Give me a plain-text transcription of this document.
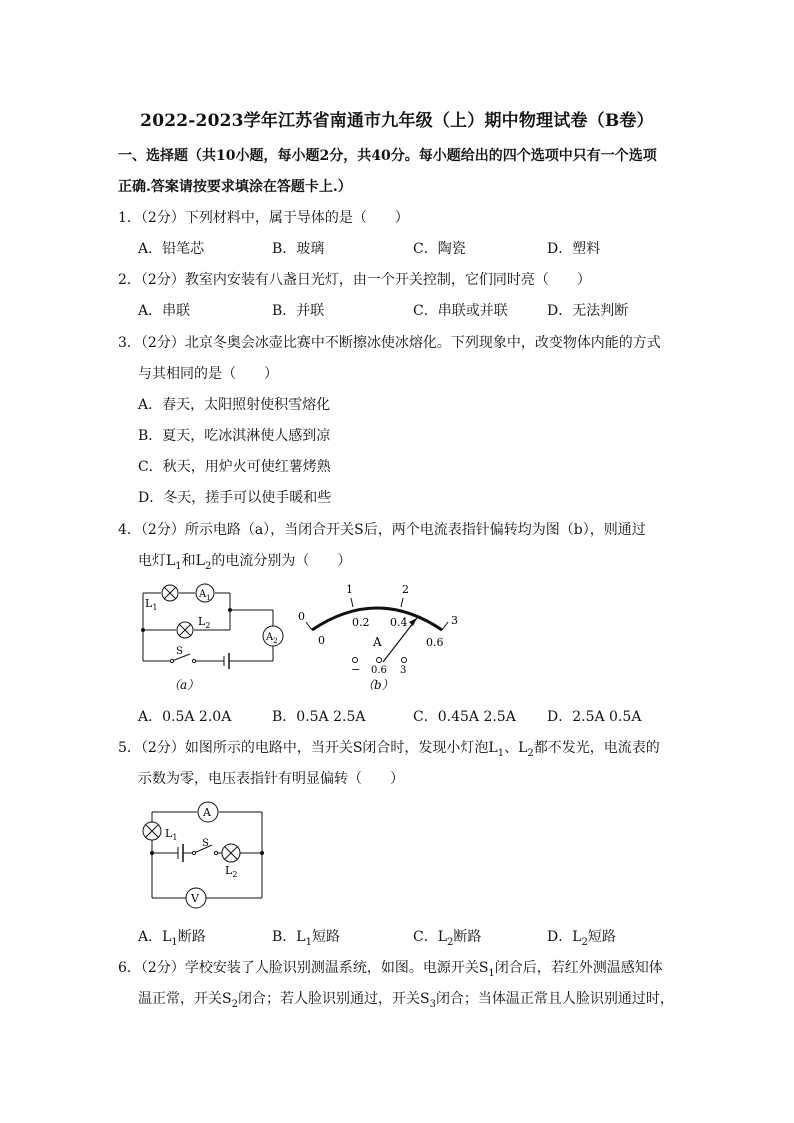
2022-2023学年江苏省南通市九年级（上）期中物理试卷（B卷）
一、选择题（共10小题，每小题2分，共40分。每小题给出的四个选项中只有一个选项
正确.答案请按要求填涂在答题卡上.）
1．（2分）下列材料中，属于导体的是（　　）
A．铅笔芯	B．玻璃	C．陶瓷	D．塑料
2．（2分）教室内安装有八盏日光灯，由一个开关控制，它们同时亮（　　）
A．串联	B．并联	C．串联或并联	D．无法判断
3．（2分）北京冬奥会冰壶比赛中不断擦冰使冰熔化。下列现象中，改变物体内能的方式
与其相同的是（　　）
A．春天，太阳照射使积雪熔化
B．夏天，吃冰淇淋使人感到凉
C．秋天，用炉火可使红薯烤熟
D．冬天，搓手可以使手暖和些
4．（2分）所示电路（a），当闭合开关S后，两个电流表指针偏转均为图（b），则通过
电灯$L_1$和$L_2$的电流分别为（　　）
$L_1$
$L_2$
$A_1$
$A_2$
S
（a）
0
1	2
3
0
0.2 0.4
0.6
A
− 0.6 3
（b）
A．0.5A 2.0A	B．0.5A 2.5A	C．0.45A 2.5A D．2.5A 0.5A
5．（2分）如图所示的电路中，当开关S闭合时，发现小灯泡$L_1$、$L_2$都不发光，电流表的
示数为零，电压表指针有明显偏转（　　）
A
V
$L_1$
$L_2$
S
A．$L_1$断路	B．$L_1$短路	C．$L_2$断路	D．$L_2$短路
6．（2分）学校安装了人脸识别测温系统，如图。电源开关$S_1$闭合后，若红外测温感知体
温正常，开关$S_2$闭合；若人脸识别通过，开关$S_3$闭合；当体温正常且人脸识别通过时，
